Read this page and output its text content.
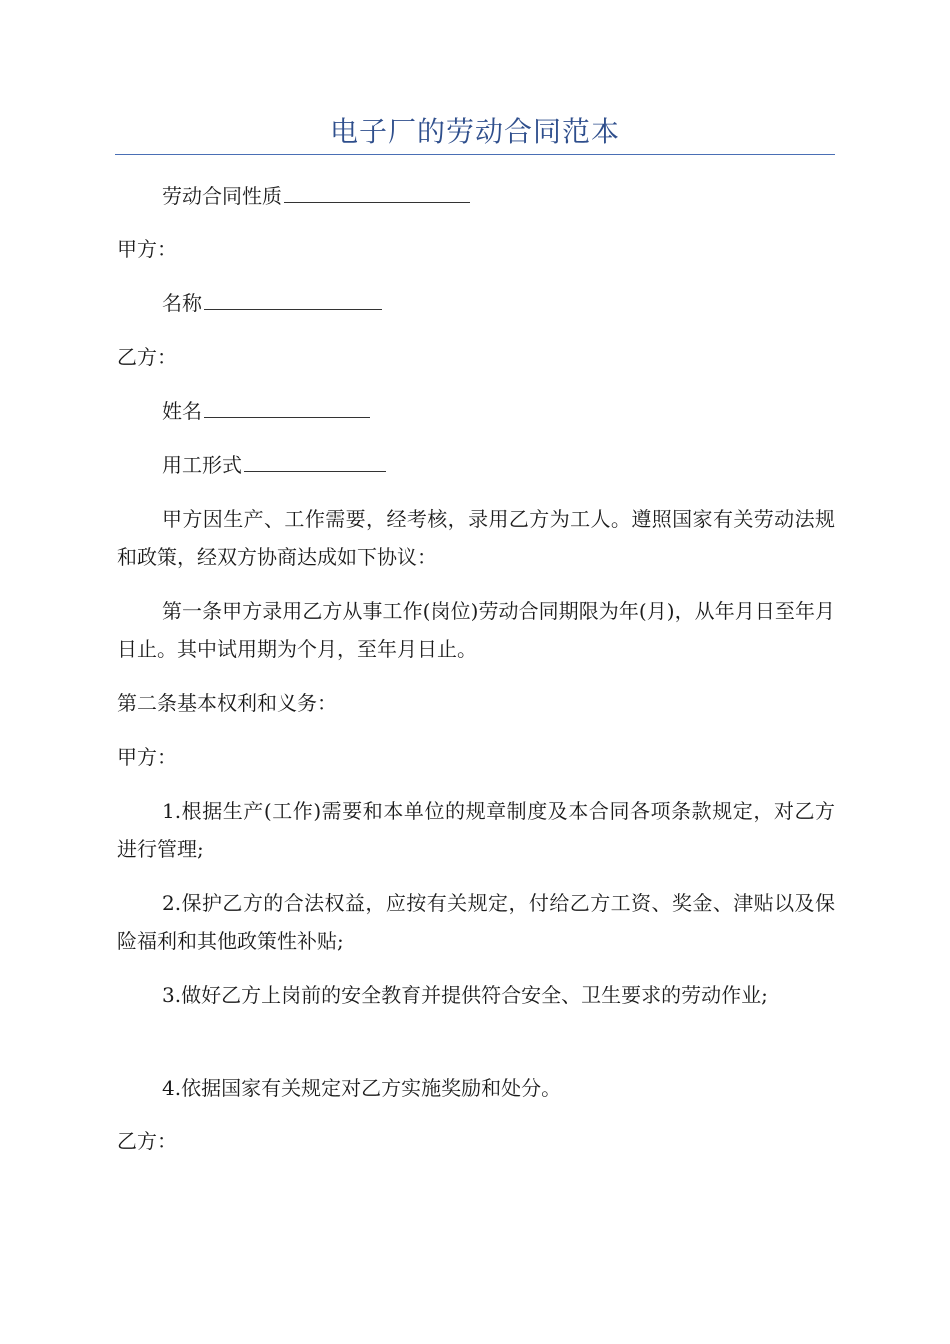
电子厂的劳动合同范本
劳动合同性质
甲方：
名称
乙方：
姓名
用工形式
甲方因生产、工作需要，经考核，录用乙方为工人。遵照国家有关劳动法规和政策，经双方协商达成如下协议：
第一条甲方录用乙方从事工作(岗位)劳动合同期限为年(月)，从年月日至年月日止。其中试用期为个月，至年月日止。
第二条基本权利和义务：
甲方：
1.根据生产(工作)需要和本单位的规章制度及本合同各项条款规定，对乙方进行管理;
2.保护乙方的合法权益，应按有关规定，付给乙方工资、奖金、津贴以及保险福利和其他政策性补贴;
3.做好乙方上岗前的安全教育并提供符合安全、卫生要求的劳动作业;
4.依据国家有关规定对乙方实施奖励和处分。
乙方：
